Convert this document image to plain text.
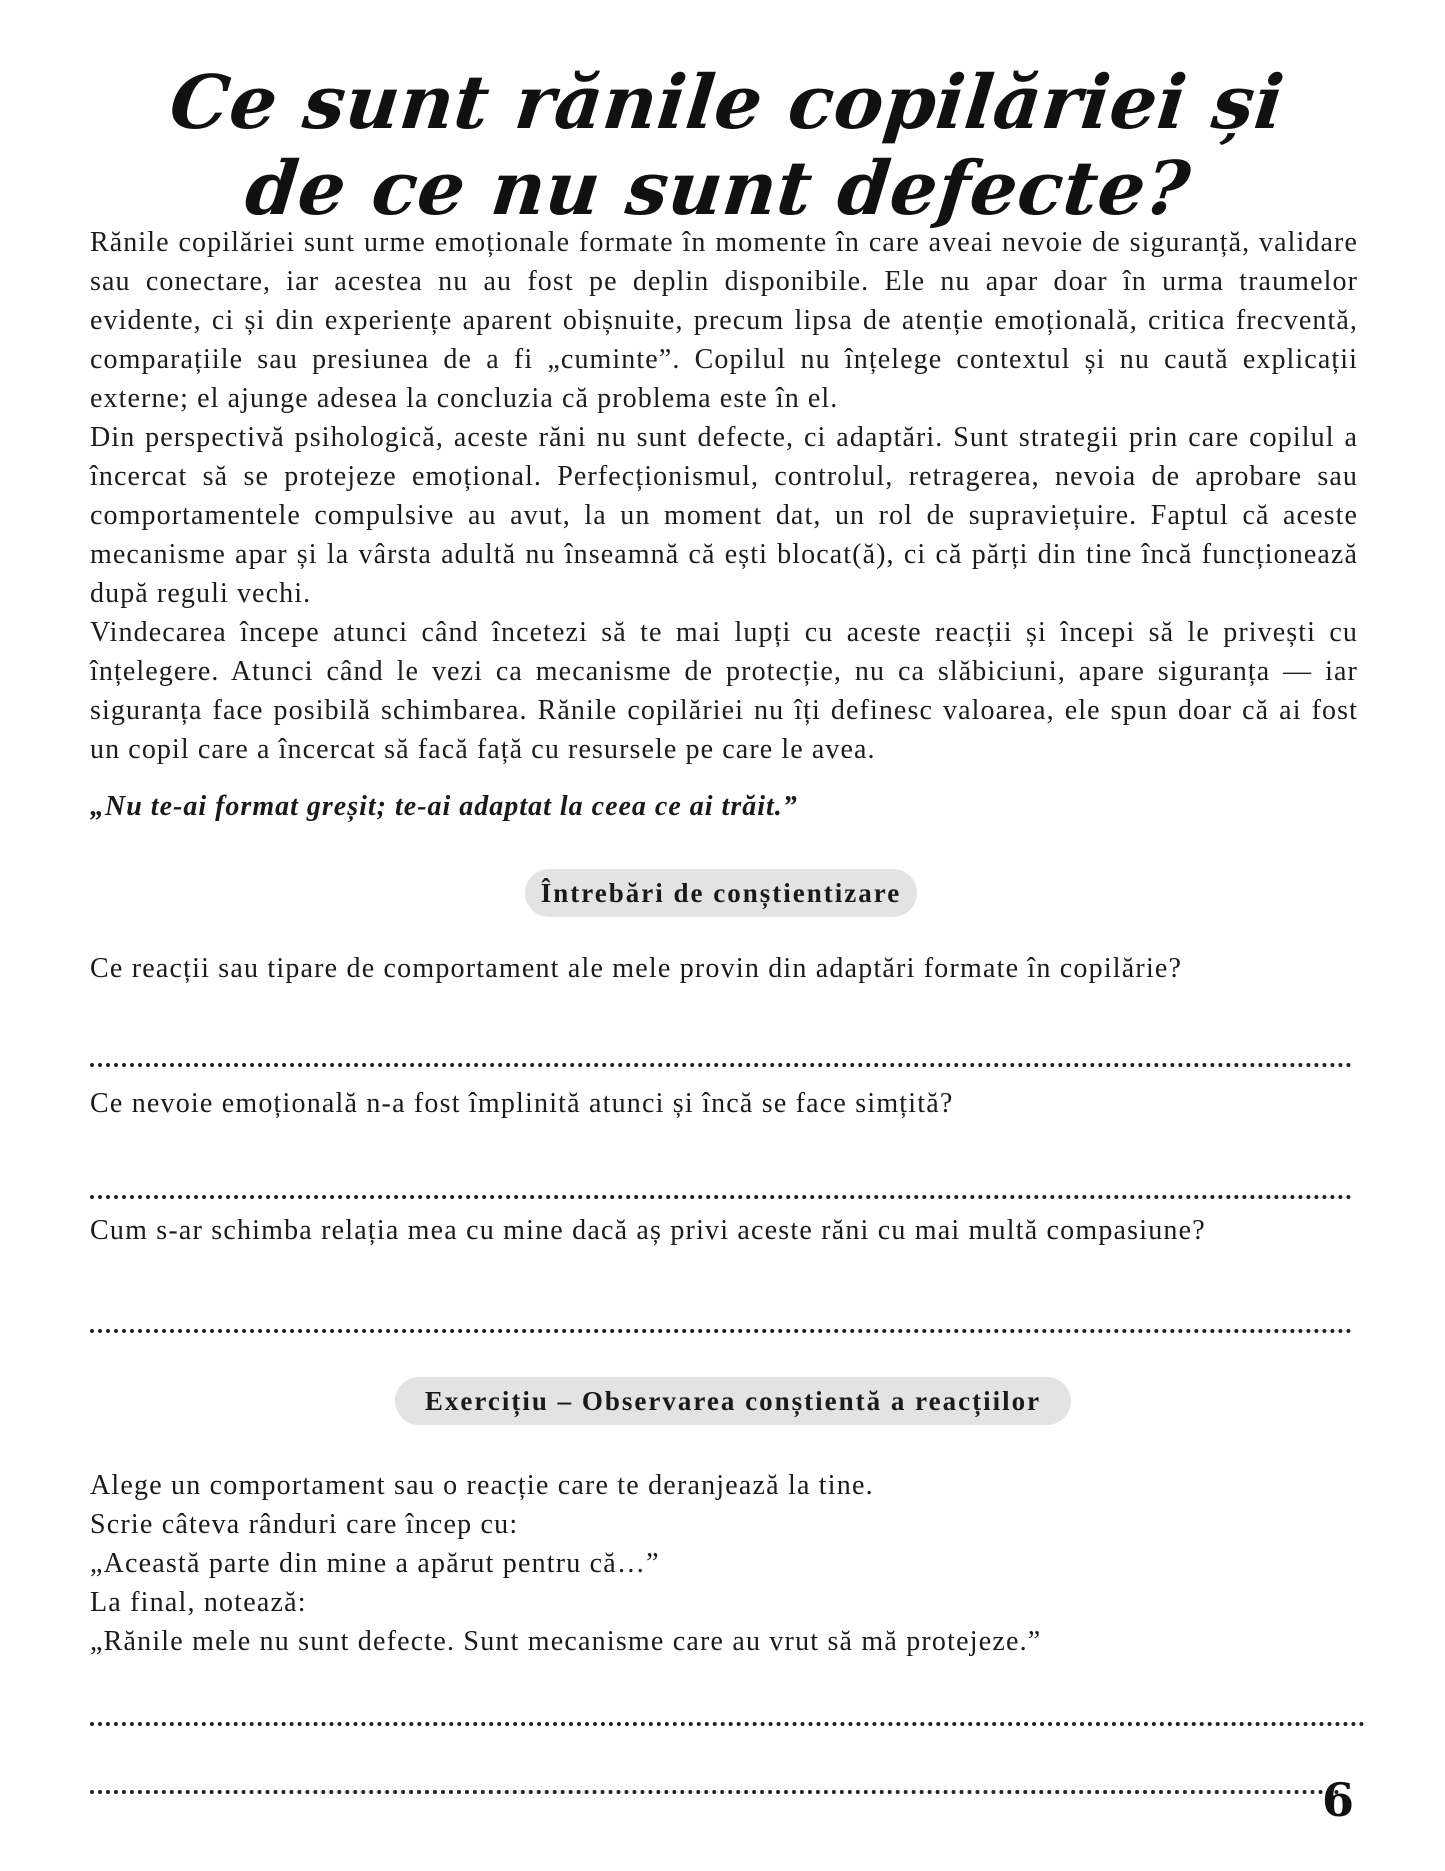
Ce sunt rănile copilăriei și de ce nu sunt defecte?

Rănile copilăriei sunt urme emoționale formate în momente în care aveai nevoie de siguranță, validare sau conectare, iar acestea nu au fost pe deplin disponibile. Ele nu apar doar în urma traumelor evidente, ci și din experiențe aparent obișnuite, precum lipsa de atenție emoțională, critica frecventă, comparațiile sau presiunea de a fi „cuminte”. Copilul nu înțelege contextul și nu caută explicații externe; el ajunge adesea la concluzia că problema este în el.

Din perspectivă psihologică, aceste răni nu sunt defecte, ci adaptări. Sunt strategii prin care copilul a încercat să se protejeze emoțional. Perfecționismul, controlul, retragerea, nevoia de aprobare sau comportamentele compulsive au avut, la un moment dat, un rol de supraviețuire. Faptul că aceste mecanisme apar și la vârsta adultă nu înseamnă că ești blocat(ă), ci că părți din tine încă funcționează după reguli vechi.

Vindecarea începe atunci când încetezi să te mai lupți cu aceste reacții și începi să le privești cu înțelegere. Atunci când le vezi ca mecanisme de protecție, nu ca slăbiciuni, apare siguranța — iar siguranța face posibilă schimbarea. Rănile copilăriei nu îți definesc valoarea, ele spun doar că ai fost un copil care a încercat să facă față cu resursele pe care le avea.

„Nu te-ai format greșit; te-ai adaptat la ceea ce ai trăit.”

Întrebări de conștientizare

Ce reacții sau tipare de comportament ale mele provin din adaptări formate în copilărie?

Ce nevoie emoțională n-a fost împlinită atunci și încă se face simțită?

Cum s-ar schimba relația mea cu mine dacă aș privi aceste răni cu mai multă compasiune?

Exercițiu – Observarea conștientă a reacțiilor
Alege un comportament sau o reacție care te deranjează la tine.
Scrie câteva rânduri care încep cu:
„Această parte din mine a apărut pentru că…”
La final, notează:
„Rănile mele nu sunt defecte. Sunt mecanisme care au vrut să mă protejeze.”
6
